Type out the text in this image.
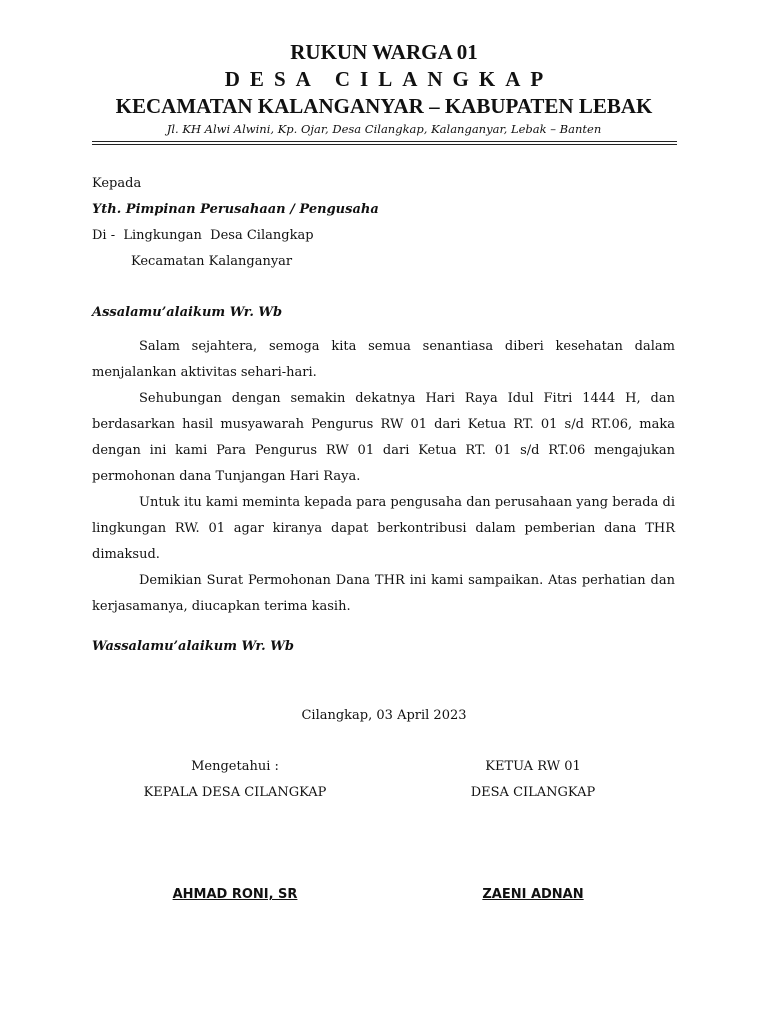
RUKUN WARGA 01
DESA CILANGKAP
KECAMATAN KALANGANYAR – KABUPATEN LEBAK
Jl. KH Alwi Alwini, Kp. Ojar, Desa Cilangkap, Kalanganyar, Lebak – Banten
Kepada
Yth. Pimpinan Perusahaan / Pengusaha
Di -  Lingkungan  Desa Cilangkap
Kecamatan Kalanganyar
Assalamu’alaikum Wr. Wb

Salam sejahtera, semoga kita semua senantiasa diberi kesehatan dalam menjalankan aktivitas sehari-hari.

Sehubungan dengan semakin dekatnya Hari Raya Idul Fitri 1444 H, dan berdasarkan hasil musyawarah Pengurus RW 01 dari Ketua RT. 01 s/d RT.06, maka dengan ini kami Para Pengurus RW 01 dari Ketua RT. 01 s/d RT.06 mengajukan permohonan dana Tunjangan Hari Raya.

Untuk itu kami meminta kepada para pengusaha dan perusahaan yang berada di lingkungan RW. 01 agar kiranya dapat berkontribusi dalam pemberian dana THR dimaksud.

Demikian Surat Permohonan Dana THR ini kami sampaikan. Atas perhatian dan kerjasamanya, diucapkan terima kasih.

Wassalamu’alaikum Wr. Wb
Cilangkap, 03 April 2023
Mengetahui :
KEPALA DESA CILANGKAP
AHMAD RONI, SR
KETUA RW 01
DESA CILANGKAP
ZAENI ADNAN
